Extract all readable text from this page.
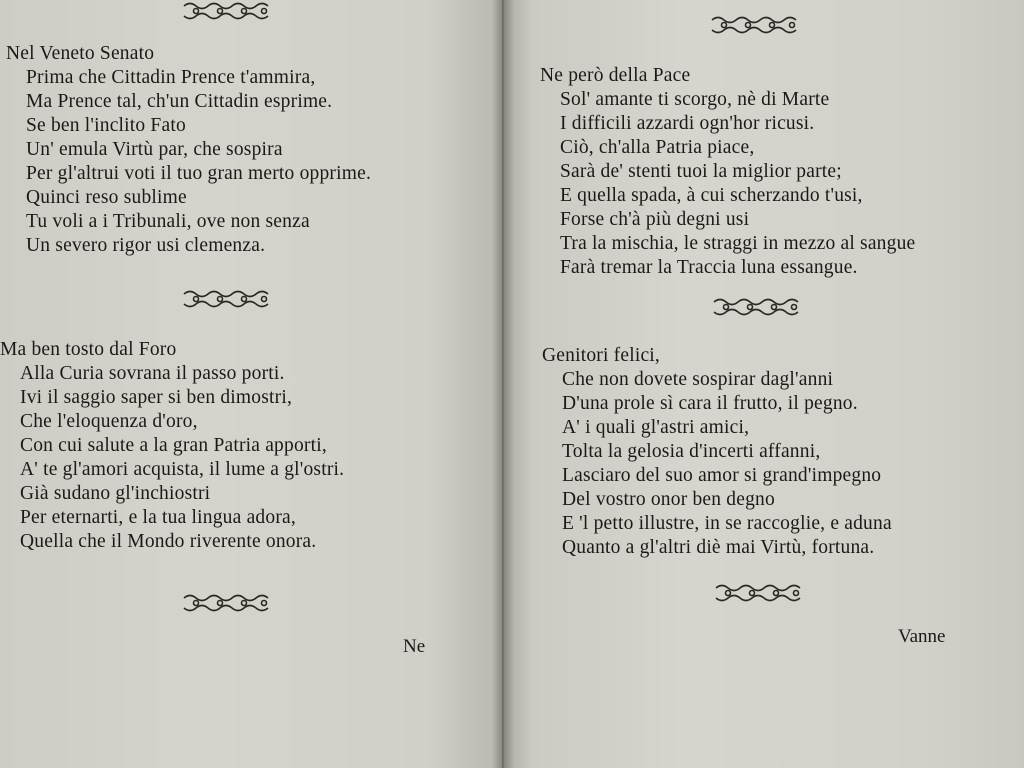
Nel Veneto Senato
Prima che Cittadin Prence t'ammira,
Ma Prence tal, ch'un Cittadin esprime.
Se ben l'inclito Fato
Un' emula Virtù par, che sospira
Per gl'altrui voti il tuo gran merto opprime.
Quinci reso sublime
Tu voli a i Tribunali, ove non senza
Un severo rigor usi clemenza.
Ma ben tosto dal Foro
Alla Curia sovrana il passo porti.
Ivi il saggio saper si ben dimostri,
Che l'eloquenza d'oro,
Con cui salute a la gran Patria apporti,
A' te gl'amori acquista, il lume a gl'ostri.
Già sudano gl'inchiostri
Per eternarti, e la tua lingua adora,
Quella che il Mondo riverente onora.
Ne
Ne però della Pace
Sol' amante ti scorgo, nè di Marte
I difficili azzardi ogn'hor ricusi.
Ciò, ch'alla Patria piace,
Sarà de' stenti tuoi la miglior parte;
E quella spada, à cui scherzando t'usi,
Forse ch'à più degni usi
Tra la mischia, le straggi in mezzo al sangue
Farà tremar la Traccia luna essangue.
Genitori felici,
Che non dovete sospirar dagl'anni
D'una prole sì cara il frutto, il pegno.
A' i quali gl'astri amici,
Tolta la gelosia d'incerti affanni,
Lasciaro del suo amor si grand'impegno
Del vostro onor ben degno
E 'l petto illustre, in se raccoglie, e aduna
Quanto a gl'altri diè mai Virtù, fortuna.
Vanne
